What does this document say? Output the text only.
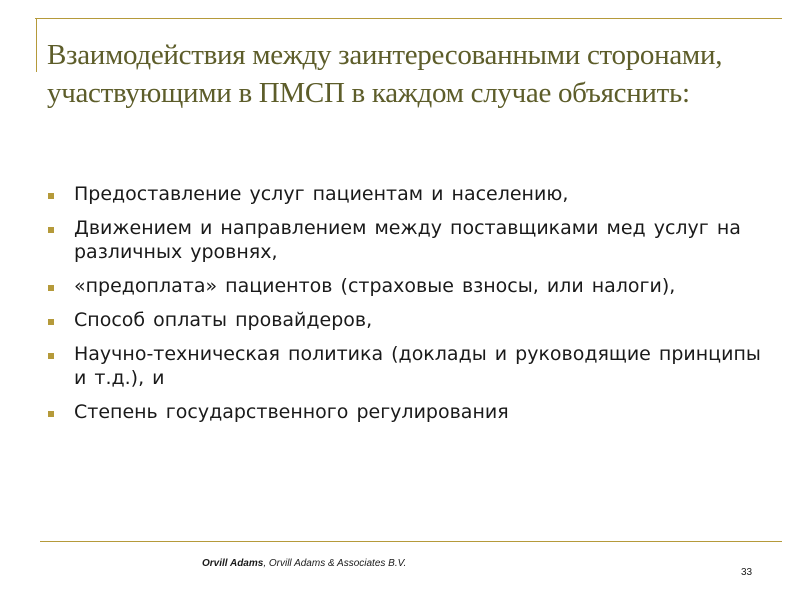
Взаимодействия между заинтересованными сторонами, участвующими в ПМСП в каждом случае объяснить:
Предоставление услуг пациентам и населению,
Движением и направлением между поставщиками мед услуг на различных уровнях,
«предоплата» пациентов (страховые взносы, или налоги),
Способ оплаты провайдеров,
Научно-техническая политика (доклады и руководящие принципы и т.д.), и
Степень государственного регулирования
Orvill Adams, Orvill Adams & Associates B.V.
33
